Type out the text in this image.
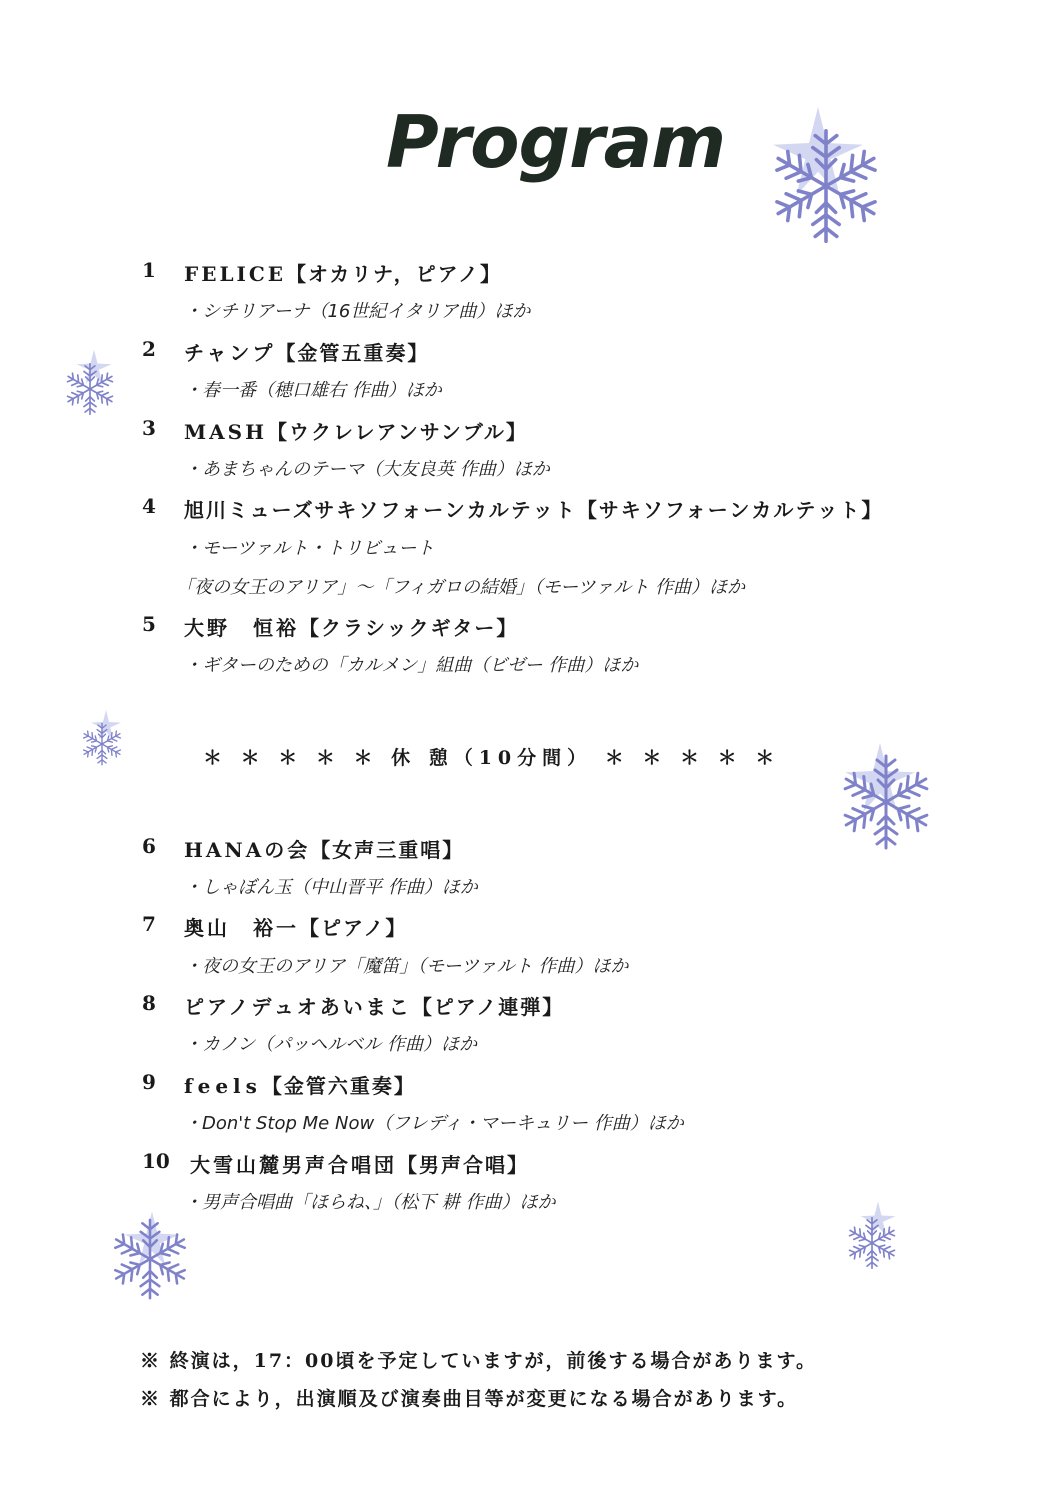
Program
1	FELICE【オカリナ，ピアノ】
・シチリアーナ（16世紀イタリア曲）ほか
2	チャンプ【金管五重奏】
・春一番（穂口雄右 作曲）ほか
3	MASH【ウクレレアンサンブル】
・あまちゃんのテーマ（大友良英 作曲）ほか
4	旭川ミューズサキソフォーンカルテット【サキソフォーンカルテット】
・モーツァルト・トリビュート
「夜の女王のアリア」～「フィガロの結婚」（モーツァルト 作曲）ほか
5	大野　恒裕【クラシックギター】
・ギターのための「カルメン」組曲（ビゼー 作曲）ほか
＊ ＊ ＊ ＊ ＊ 休 憩（10分間） ＊ ＊ ＊ ＊ ＊
6	HANAの会【女声三重唱】
・しゃぼん玉（中山晋平 作曲）ほか
7	奥山　裕一【ピアノ】
・夜の女王のアリア「魔笛」（モーツァルト 作曲）ほか
8	ピアノデュオあいまこ【ピアノ連弾】
・カノン（パッヘルベル 作曲）ほか
9	feels【金管六重奏】
・Don't Stop Me Now（フレディ・マーキュリー 作曲）ほか
10	大雪山麓男声合唱団【男声合唱】
・男声合唱曲「ほらね、」（松下 耕 作曲）ほか
※ 終演は，17：00頃を予定していますが，前後する場合があります。
※ 都合により，出演順及び演奏曲目等が変更になる場合があります。
